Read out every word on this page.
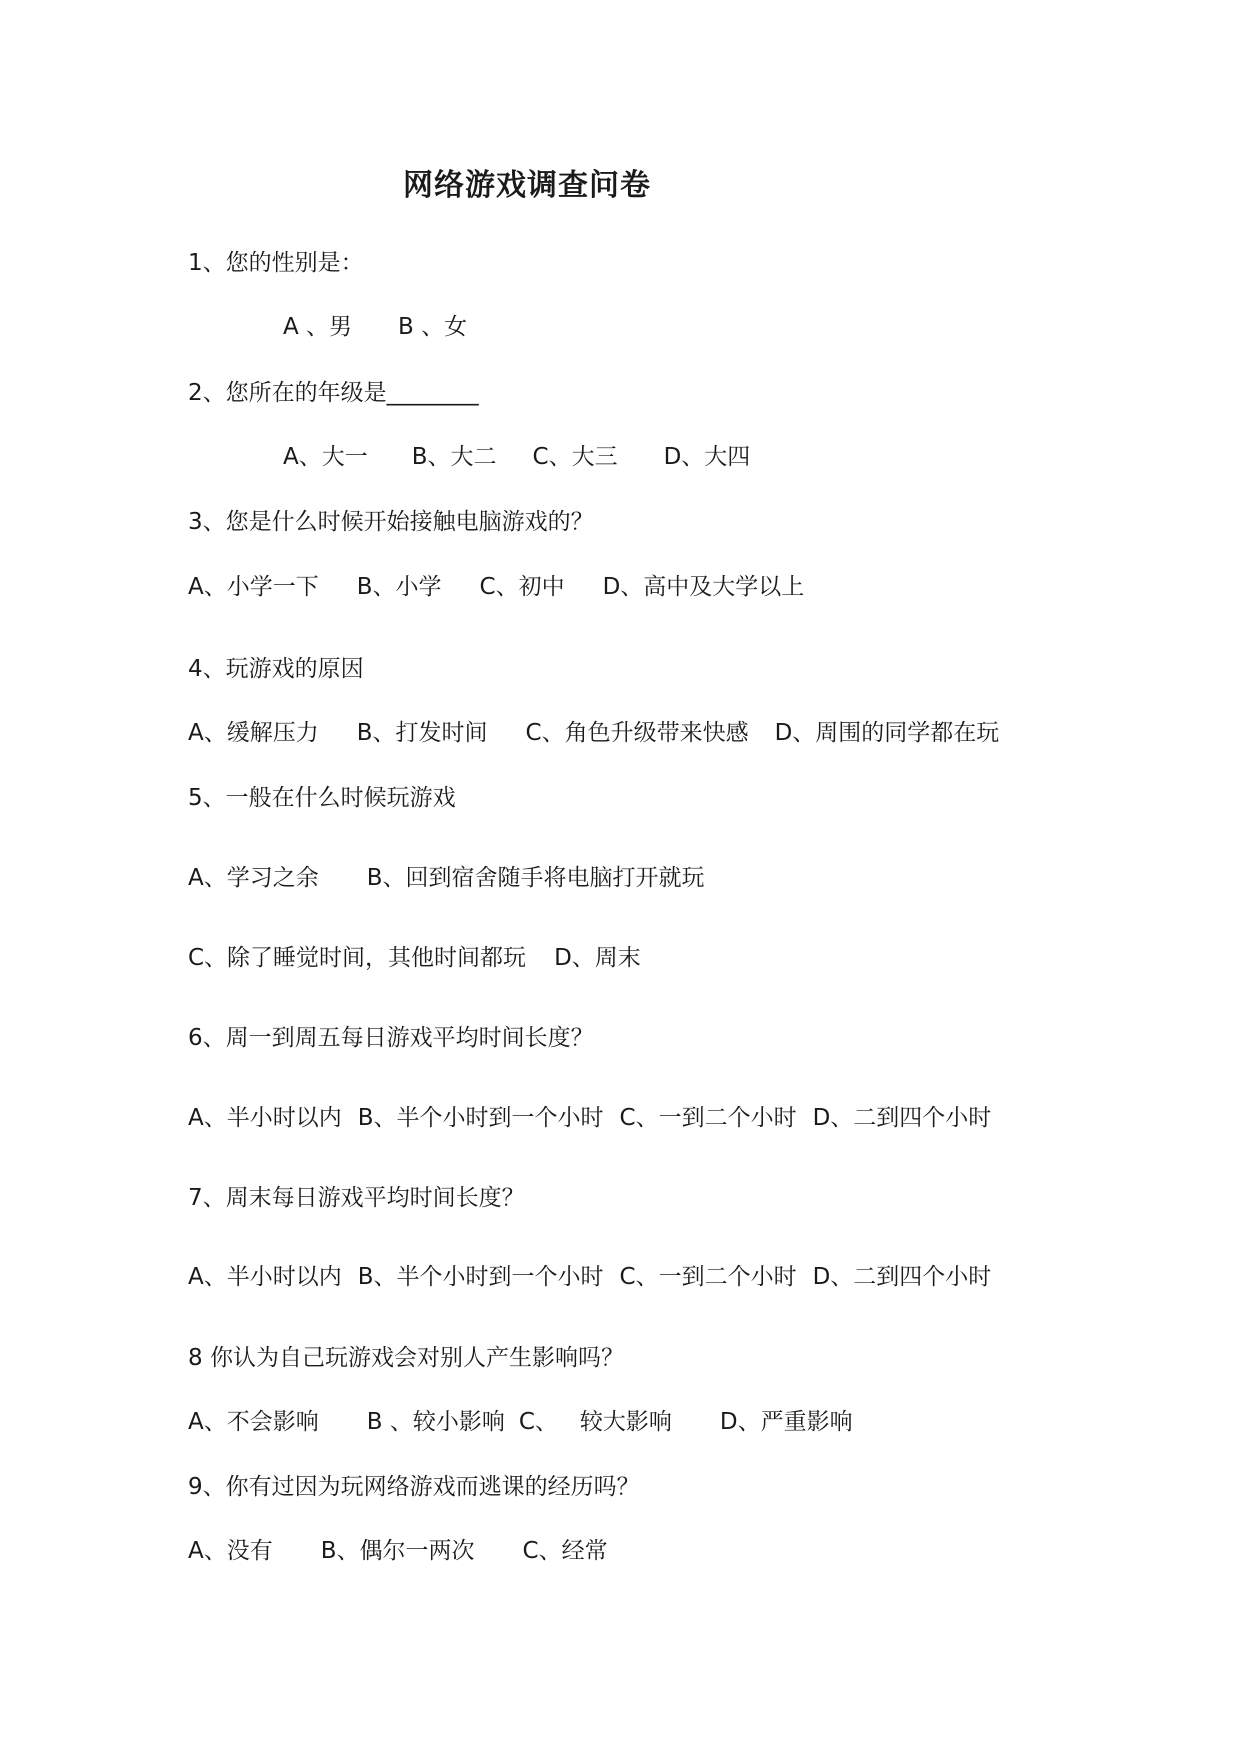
网络游戏调查问卷
1、您的性别是：
A 、男 B 、女
2、您所在的年级是________
A、大一 B、大二 C、大三 D、大四
3、您是什么时候开始接触电脑游戏的？
A、小学一下 B、小学 C、初中 D、高中及大学以上
4、玩游戏的原因
A、缓解压力 B、打发时间 C、角色升级带来快感 D、周围的同学都在玩
5、一般在什么时候玩游戏
A、学习之余 B、回到宿舍随手将电脑打开就玩
C、除了睡觉时间，其他时间都玩 D、周末
6、周一到周五每日游戏平均时间长度？
A、半小时以内 B、半个小时到一个小时 C、一到二个小时 D、二到四个小时
7、周末每日游戏平均时间长度？
A、半小时以内 B、半个小时到一个小时 C、一到二个小时 D、二到四个小时
8 你认为自己玩游戏会对别人产生影响吗？
A、不会影响 B 、较小影响 C、 较大影响 D、严重影响
9、你有过因为玩网络游戏而逃课的经历吗？
A、没有 B、偶尔一两次 C、经常
